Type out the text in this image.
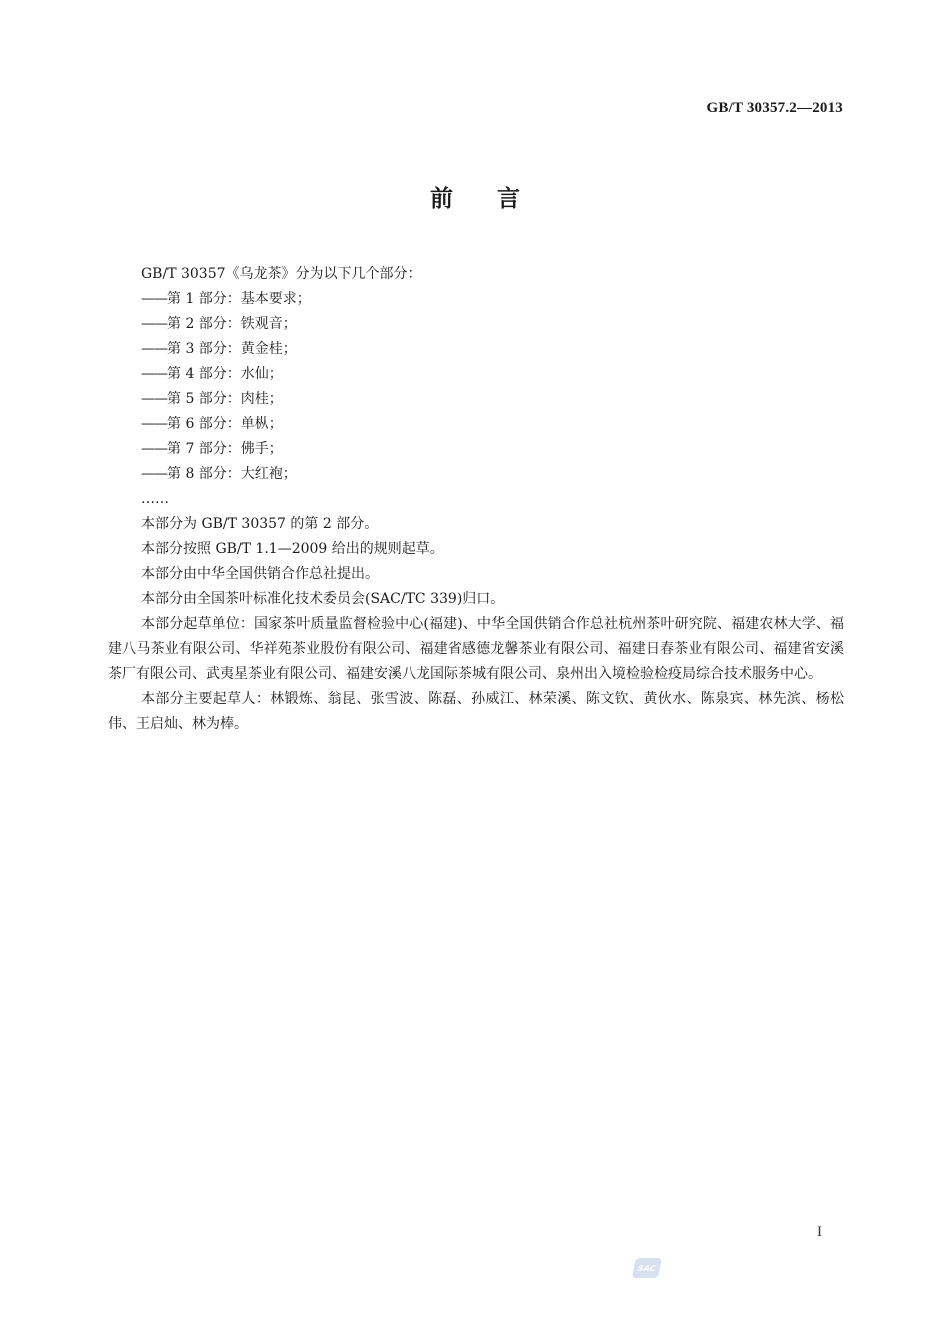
GB/T 30357.2—2013
前言

GB/T 30357《乌龙茶》分为以下几个部分：

——第 1 部分：基本要求；
——第 2 部分：铁观音；
——第 3 部分：黄金桂；
——第 4 部分：水仙；
——第 5 部分：肉桂；
——第 6 部分：单枞；
——第 7 部分：佛手；
——第 8 部分：大红袍；
……

本部分为 GB/T 30357 的第 2 部分。

本部分按照 GB/T 1.1—2009 给出的规则起草。

本部分由中华全国供销合作总社提出。

本部分由全国茶叶标准化技术委员会(SAC/TC 339)归口。

本部分起草单位：国家茶叶质量监督检验中心(福建)、中华全国供销合作总社杭州茶叶研究院、福建农林大学、福建八马茶业有限公司、华祥苑茶业股份有限公司、福建省感德龙馨茶业有限公司、福建日春茶业有限公司、福建省安溪茶厂有限公司、武夷星茶业有限公司、福建安溪八龙国际茶城有限公司、泉州出入境检验检疫局综合技术服务中心。

本部分主要起草人：林锻炼、翁昆、张雪波、陈磊、孙威江、林荣溪、陈文钦、黄伙水、陈泉宾、林先滨、杨松伟、王启灿、林为棒。

I
SAC
